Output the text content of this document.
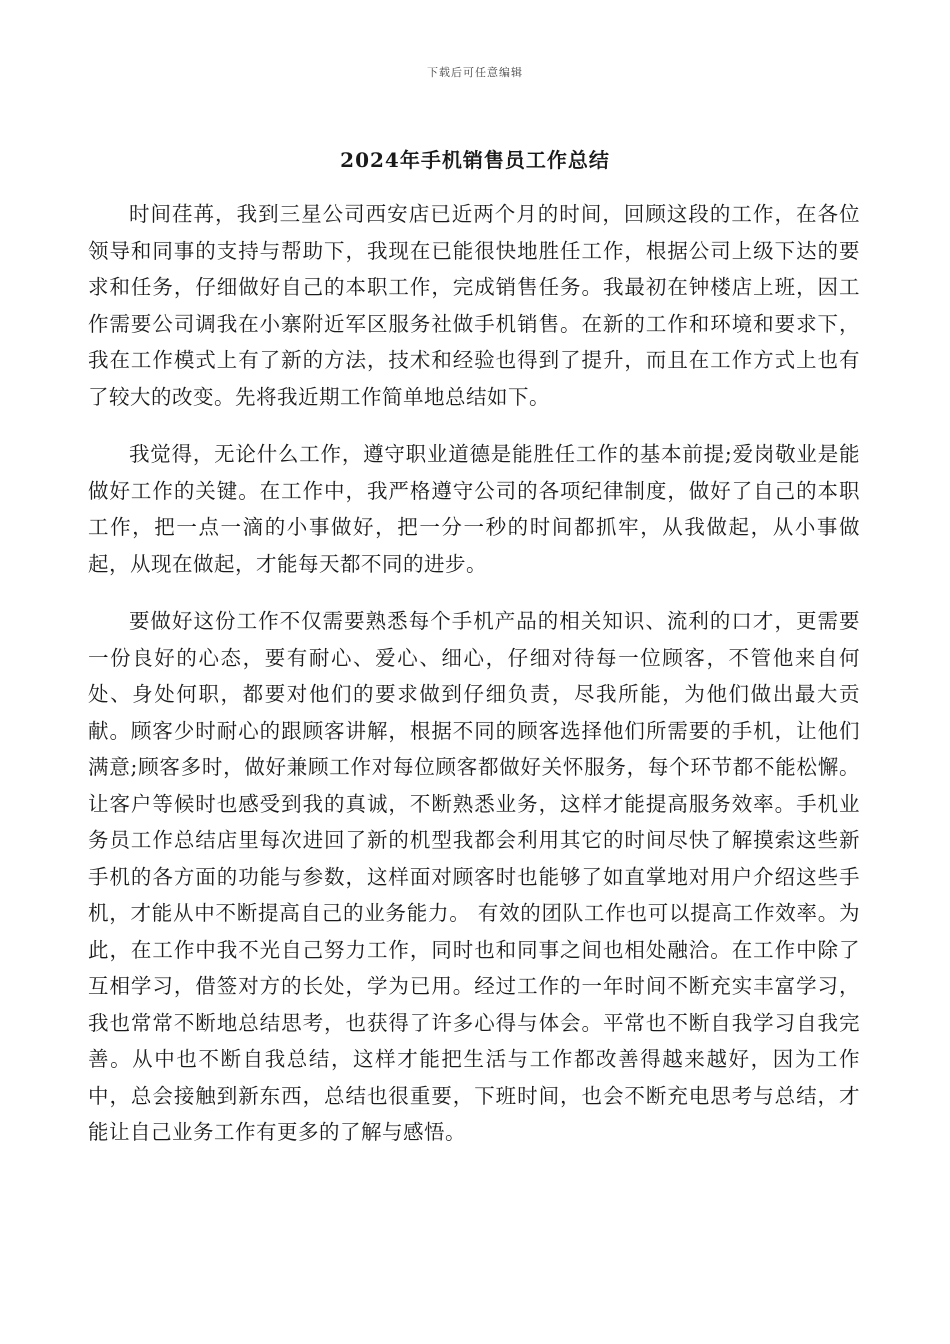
下载后可任意编辑
2024年手机销售员工作总结

时间荏苒，我到三星公司西安店已近两个月的时间，回顾这段的工作，在各位领导和同事的支持与帮助下，我现在已能很快地胜任工作，根据公司上级下达的要求和任务，仔细做好自己的本职工作，完成销售任务。我最初在钟楼店上班，因工作需要公司调我在小寨附近军区服务社做手机销售。在新的工作和环境和要求下，我在工作模式上有了新的方法，技术和经验也得到了提升，而且在工作方式上也有了较大的改变。先将我近期工作简单地总结如下。

我觉得，无论什么工作，遵守职业道德是能胜任工作的基本前提;爱岗敬业是能做好工作的关键。在工作中，我严格遵守公司的各项纪律制度，做好了自己的本职工作，把一点一滴的小事做好，把一分一秒的时间都抓牢，从我做起，从小事做起，从现在做起，才能每天都不同的进步。

要做好这份工作不仅需要熟悉每个手机产品的相关知识、流利的口才，更需要一份良好的心态，要有耐心、爱心、细心，仔细对待每一位顾客，不管他来自何处、身处何职，都要对他们的要求做到仔细负责，尽我所能，为他们做出最大贡献。顾客少时耐心的跟顾客讲解，根据不同的顾客选择他们所需要的手机，让他们满意;顾客多时，做好兼顾工作对每位顾客都做好关怀服务，每个环节都不能松懈。让客户等候时也感受到我的真诚，不断熟悉业务，这样才能提高服务效率。手机业务员工作总结店里每次进回了新的机型我都会利用其它的时间尽快了解摸索这些新手机的各方面的功能与参数，这样面对顾客时也能够了如直掌地对用户介绍这些手机，才能从中不断提高自己的业务能力。 有效的团队工作也可以提高工作效率。为此，在工作中我不光自己努力工作，同时也和同事之间也相处融洽。在工作中除了互相学习，借签对方的长处，学为已用。经过工作的一年时间不断充实丰富学习，我也常常不断地总结思考，也获得了许多心得与体会。平常也不断自我学习自我完善。从中也不断自我总结，这样才能把生活与工作都改善得越来越好，因为工作中，总会接触到新东西，总结也很重要，下班时间，也会不断充电思考与总结，才能让自己业务工作有更多的了解与感悟。
